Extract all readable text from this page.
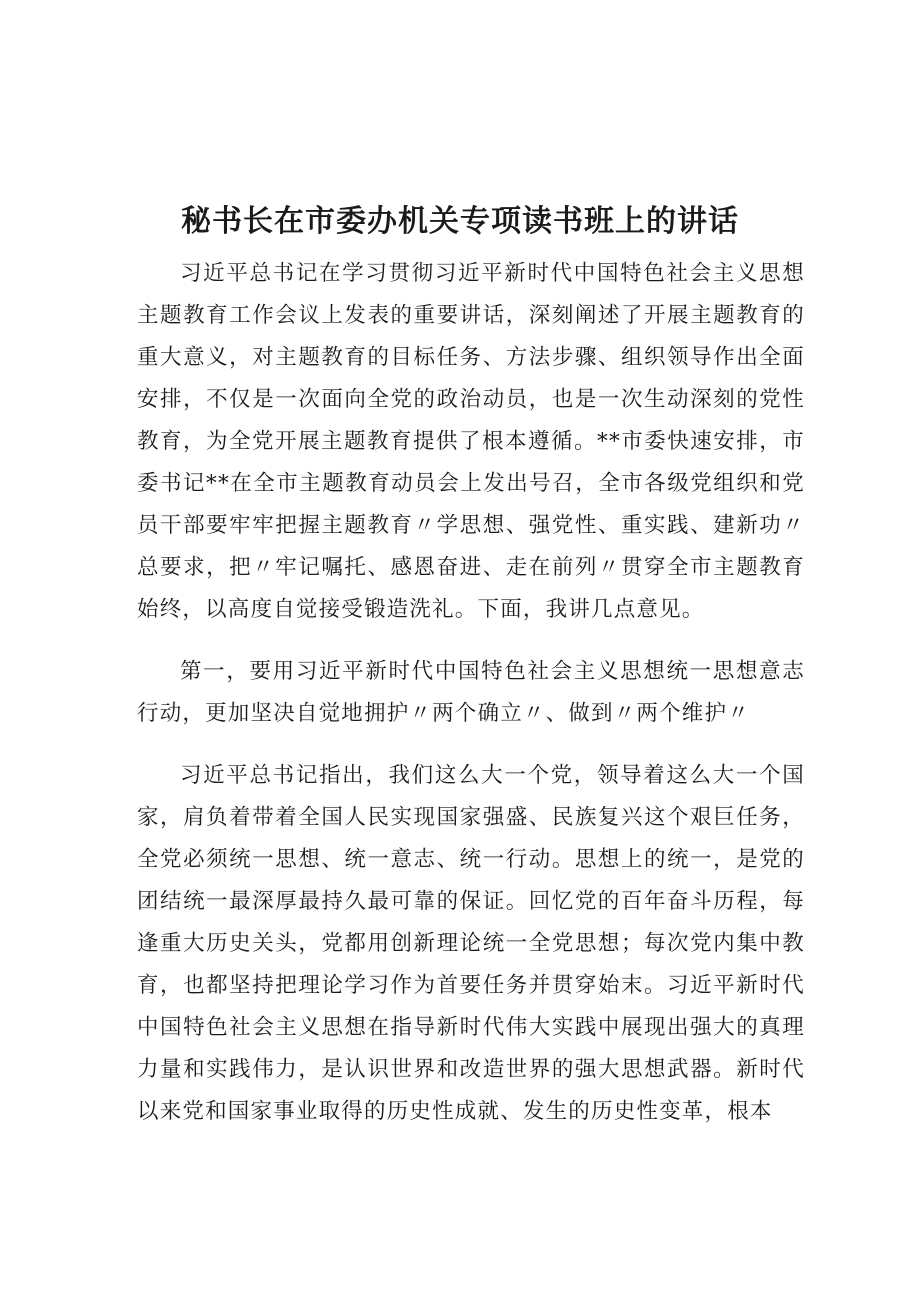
秘书长在市委办机关专项读书班上的讲话

习近平总书记在学习贯彻习近平新时代中国特色社会主义思想主题教育工作会议上发表的重要讲话，深刻阐述了开展主题教育的重大意义，对主题教育的目标任务、方法步骤、组织领导作出全面安排，不仅是一次面向全党的政治动员，也是一次生动深刻的党性教育，为全党开展主题教育提供了根本遵循。**市委快速安排，市委书记**在全市主题教育动员会上发出号召，全市各级党组织和党员干部要牢牢把握主题教育〃学思想、强党性、重实践、建新功〃总要求，把〃牢记嘱托、感恩奋进、走在前列〃贯穿全市主题教育始终，以高度自觉接受锻造洗礼。下面，我讲几点意见。

第一，要用习近平新时代中国特色社会主义思想统一思想意志行动，更加坚决自觉地拥护〃两个确立〃、做到〃两个维护〃

习近平总书记指出，我们这么大一个党，领导着这么大一个国家，肩负着带着全国人民实现国家强盛、民族复兴这个艰巨任务，全党必须统一思想、统一意志、统一行动。思想上的统一，是党的团结统一最深厚最持久最可靠的保证。回忆党的百年奋斗历程，每逢重大历史关头，党都用创新理论统一全党思想；每次党内集中教育，也都坚持把理论学习作为首要任务并贯穿始末。习近平新时代中国特色社会主义思想在指导新时代伟大实践中展现出强大的真理力量和实践伟力，是认识世界和改造世界的强大思想武器。新时代以来党和国家事业取得的历史性成就、发生的历史性变革，根本
